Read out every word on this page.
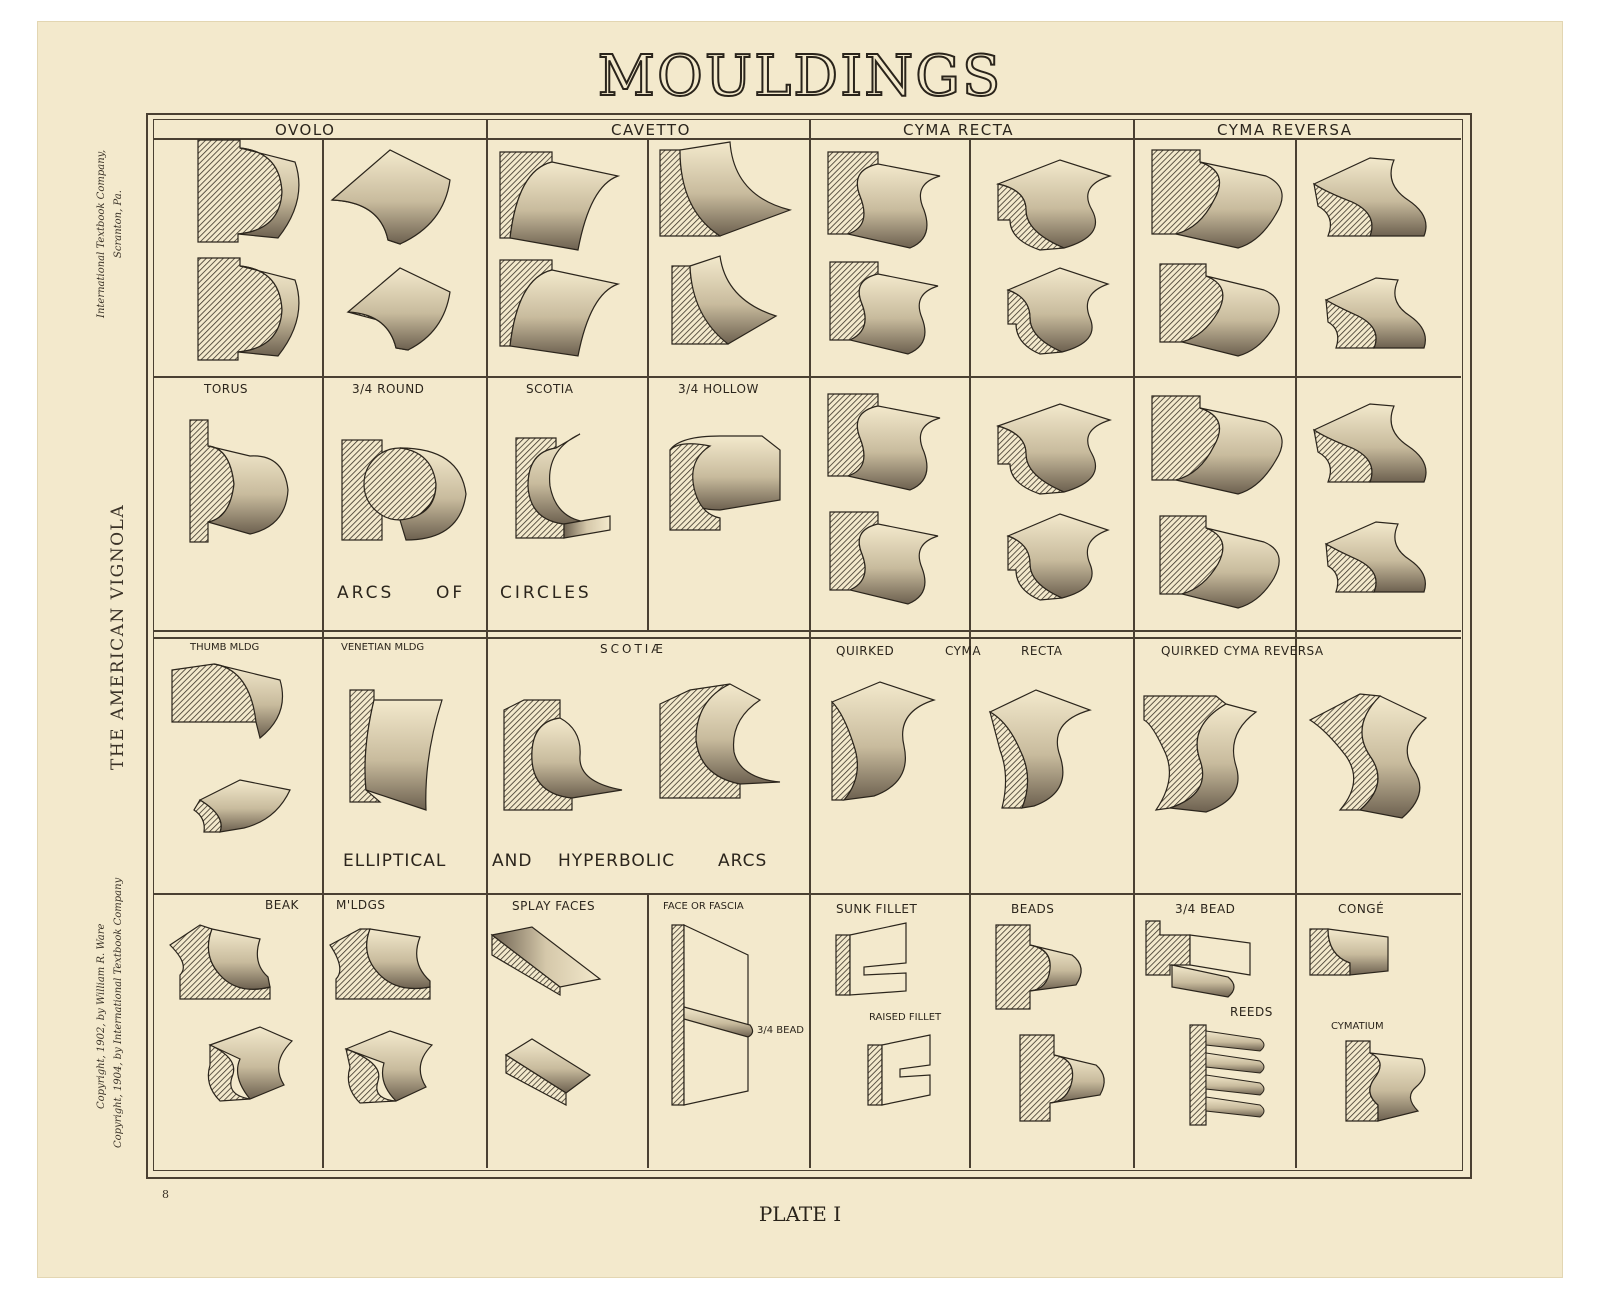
MOULDINGS
OVOLO	CAVETTO	CYMA RECTA	CYMA REVERSA
TORUS	3/4 ROUND	SCOTIA	3/4 HOLLOW
ARCS OF CIRCLES
THUMB MLDG	VENETIAN MLDG	SCOTIÆ	QUIRKED	CYMA	RECTA	QUIRKED CYMA REVERSA
ELLIPTICAL	AND HYPERBOLIC	ARCS
BEAK	M'LDGS	SPLAY FACES	FACE OR FASCIA	SUNK FILLET	BEADS	3/4 BEAD	CONGÉ
3/4 BEAD
RAISED FILLET	REEDS
CYMATIUM
International Textbook Company, Scranton, Pa.
THE AMERICAN VIGNOLA
Copyright, 1902, by William R. Ware Copyright, 1904, by International Textbook Company
8
PLATE I
